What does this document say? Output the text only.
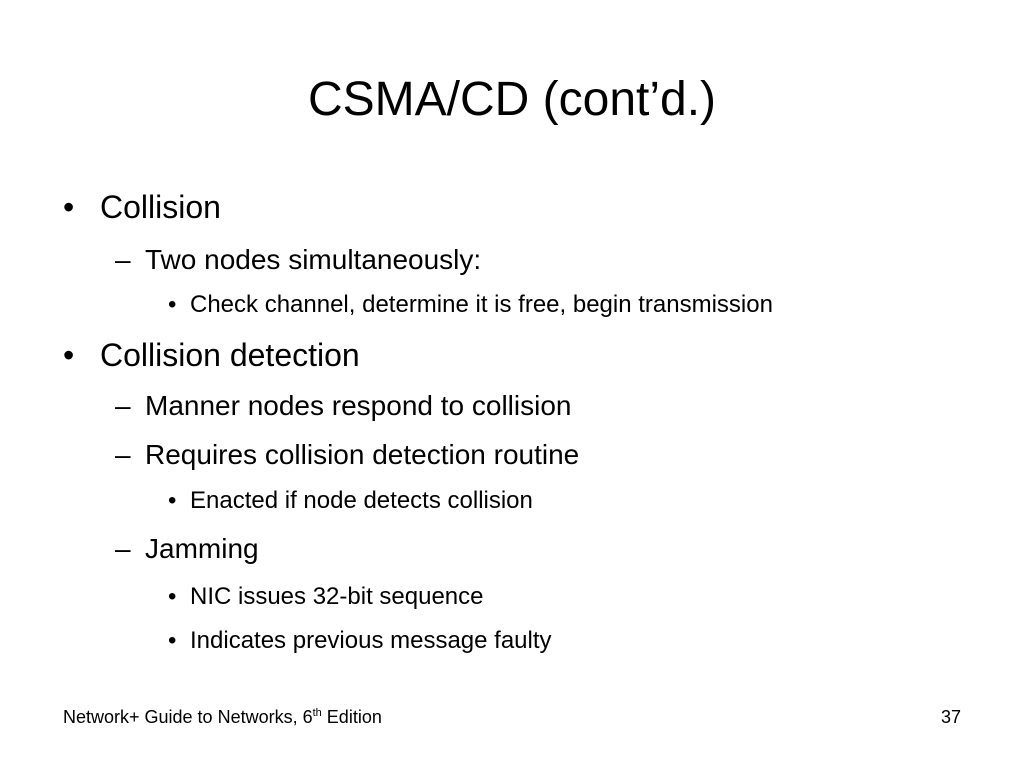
CSMA/CD (cont’d.)
• Collision
– Two nodes simultaneously:
• Check channel, determine it is free, begin transmission
• Collision detection
– Manner nodes respond to collision
– Requires collision detection routine
• Enacted if node detects collision
– Jamming
• NIC issues 32-bit sequence
• Indicates previous message faulty
Network+ Guide to Networks, 6th Edition	37
